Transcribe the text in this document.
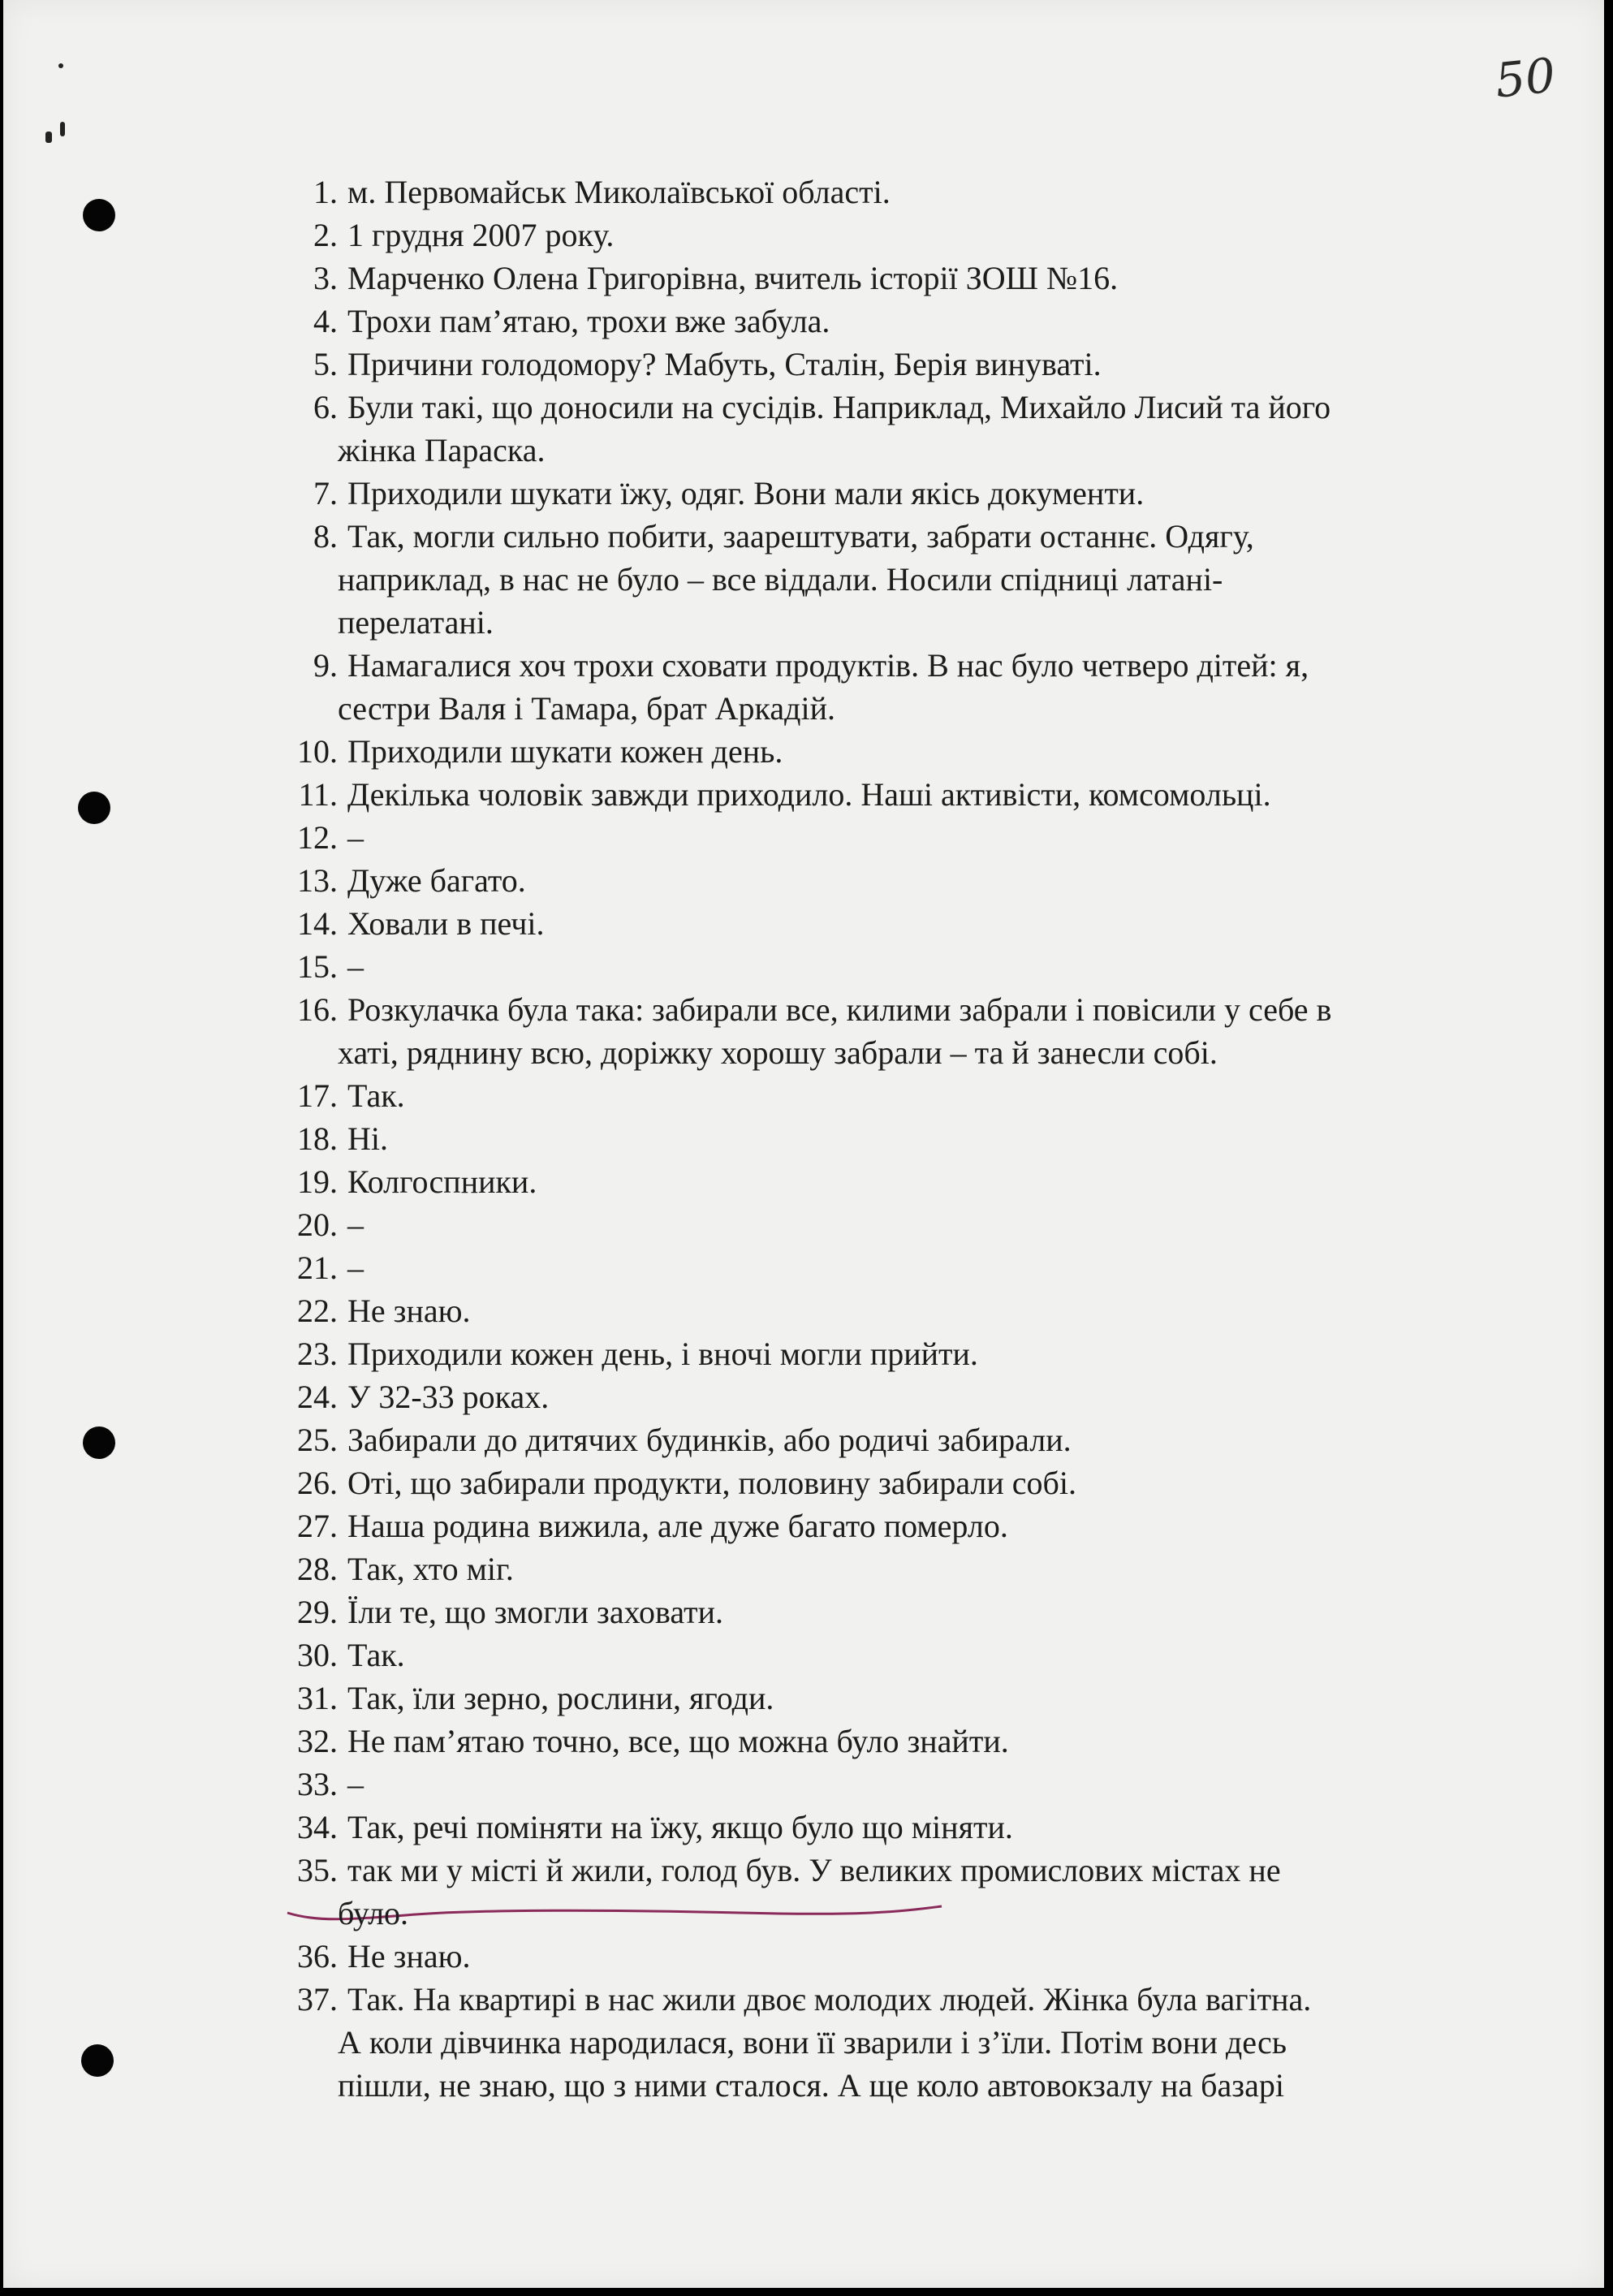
50
1. м. Первомайськ Миколаївської області.
2. 1 грудня 2007 року.
3. Марченко Олена Григорівна, вчитель історії ЗОШ №16.
4. Трохи пам’ятаю, трохи вже забула.
5. Причини голодомору? Мабуть, Сталін, Берія винуваті.
6. Були такі, що доносили на сусідів. Наприклад, Михайло Лисий та його
жінка Параска.
7. Приходили шукати їжу, одяг. Вони мали якісь документи.
8. Так, могли сильно побити, заарештувати, забрати останнє. Одягу,
наприклад, в нас не було – все віддали. Носили спідниці латані-
перелатані.
9. Намагалися хоч трохи сховати продуктів. В нас було четверо дітей: я,
сестри Валя і Тамара, брат Аркадій.
10. Приходили шукати кожен день.
11. Декілька чоловік завжди приходило. Наші активісти, комсомольці.
12. –
13. Дуже багато.
14. Ховали в печі.
15. –
16. Розкулачка була така: забирали все, килими забрали і повісили у себе в
хаті, ряднину всю, доріжку хорошу забрали – та й занесли собі.
17. Так.
18. Ні.
19. Колгоспники.
20. –
21. –
22. Не знаю.
23. Приходили кожен день, і вночі могли прийти.
24. У 32-33 роках.
25. Забирали до дитячих будинків, або родичі забирали.
26. Оті, що забирали продукти, половину забирали собі.
27. Наша родина вижила, але дуже багато померло.
28. Так, хто міг.
29. Їли те, що змогли заховати.
30. Так.
31. Так, їли зерно, рослини, ягоди.
32. Не пам’ятаю точно, все, що можна було знайти.
33. –
34. Так, речі поміняти на їжу, якщо було що міняти.
35. так ми у місті й жили, голод був. У великих промислових містах не
було.
36. Не знаю.
37. Так. На квартирі в нас жили двоє молодих людей. Жінка була вагітна.
А коли дівчинка народилася, вони її зварили і з’їли. Потім вони десь
пішли, не знаю, що з ними сталося. А ще коло автовокзалу на базарі
